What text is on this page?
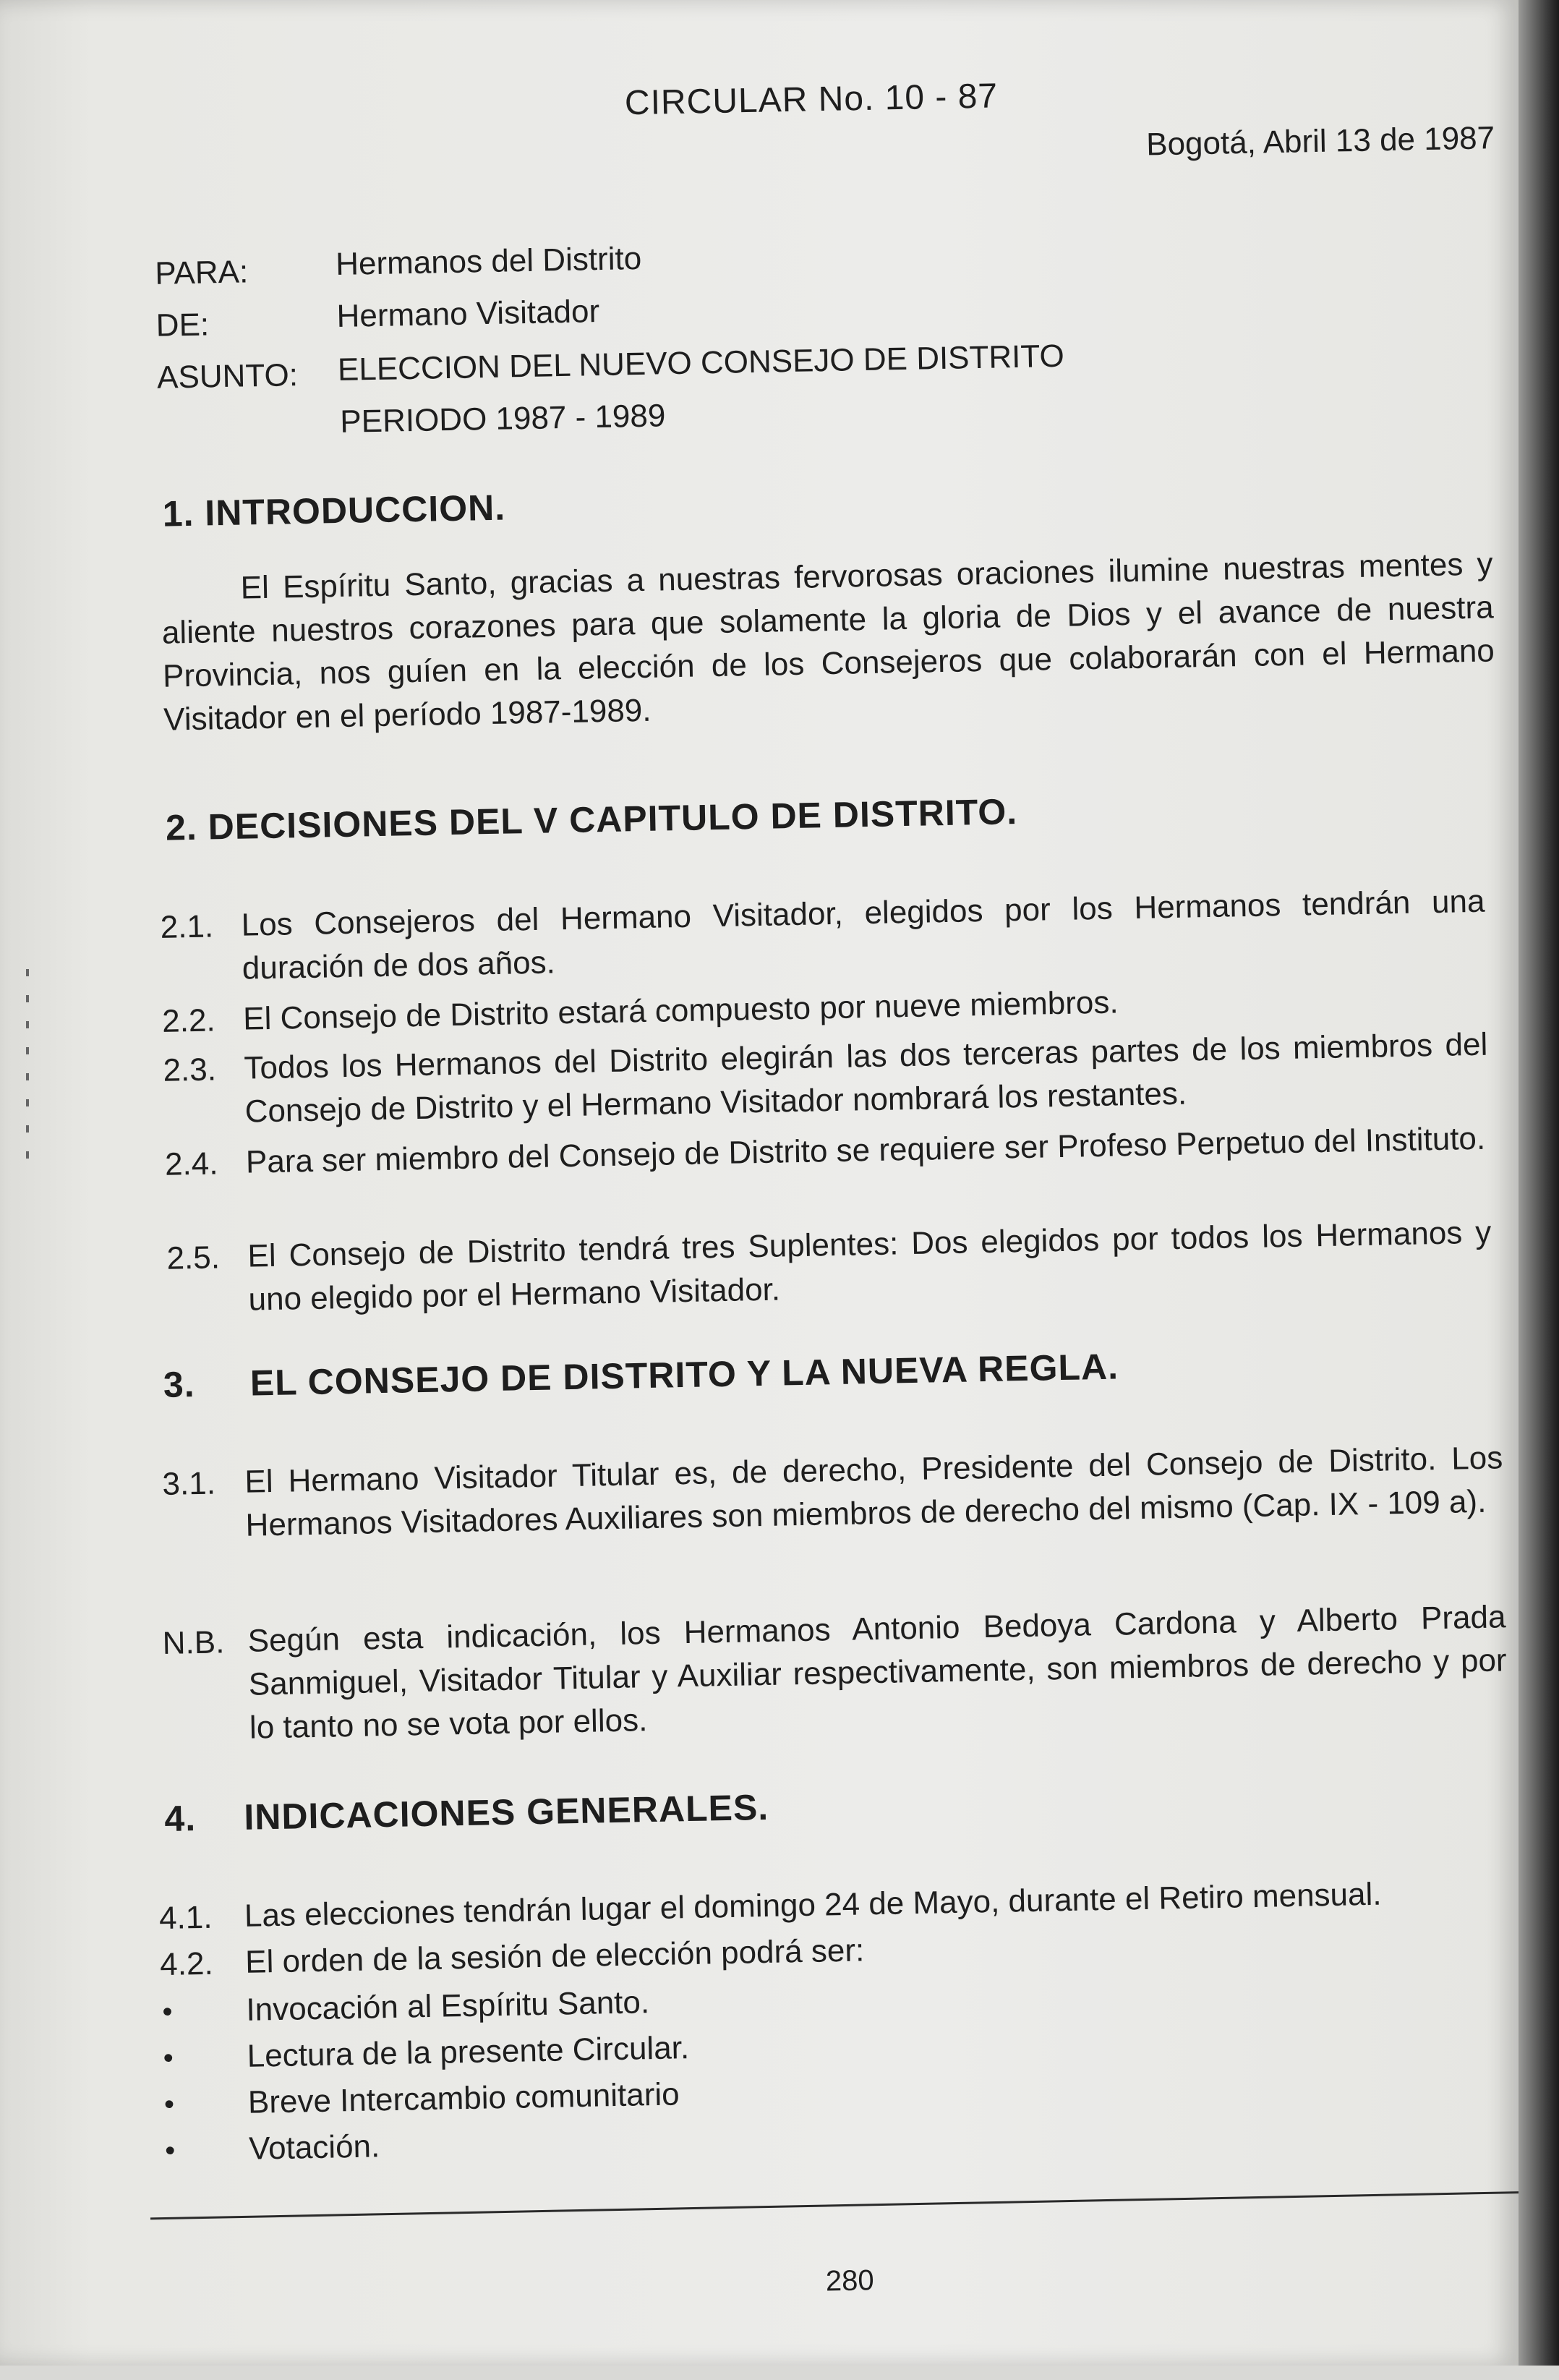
CIRCULAR No. 10 - 87
Bogotá, Abril 13 de 1987
PARA:	Hermanos del Distrito
DE:	Hermano Visitador
ASUNTO: ELECCION DEL NUEVO CONSEJO DE DISTRITO
PERIODO 1987 - 1989
1. INTRODUCCION.
El Espíritu Santo, gracias a nuestras fervorosas oraciones ilumine nuestras mentes y aliente nuestros corazones para que solamente la gloria de Dios y el avance de nuestra Provincia, nos guíen en la elección de los Consejeros que colaborarán con el Hermano Visitador en el período 1987-1989.
2. DECISIONES DEL V CAPITULO DE DISTRITO.
2.1. Los Consejeros del Hermano Visitador, elegidos por los Hermanos tendrán una duración de dos años.
2.2. El Consejo de Distrito estará compuesto por nueve miembros.
2.3. Todos los Hermanos del Distrito elegirán las dos terceras partes de los miembros del Consejo de Distrito y el Hermano Visitador nombrará los restantes.
2.4. Para ser miembro del Consejo de Distrito se requiere ser Profeso Perpetuo del Instituto.
2.5. El Consejo de Distrito tendrá tres Suplentes: Dos elegidos por todos los Hermanos y uno elegido por el Hermano Visitador.
3. EL CONSEJO DE DISTRITO Y LA NUEVA REGLA.
3.1. El Hermano Visitador Titular es, de derecho, Presidente del Consejo de Distrito. Los Hermanos Visitadores Auxiliares son miembros de derecho del mismo (Cap. IX - 109 a).
N.B. Según esta indicación, los Hermanos Antonio Bedoya Cardona y Alberto Prada Sanmiguel, Visitador Titular y Auxiliar respectivamente, son miembros de derecho y por lo tanto no se vota por ellos.
4. INDICACIONES GENERALES.
4.1. Las elecciones tendrán lugar el domingo 24 de Mayo, durante el Retiro mensual.
4.2. El orden de la sesión de elección podrá ser:
• Invocación al Espíritu Santo.
• Lectura de la presente Circular.
• Breve Intercambio comunitario
• Votación.
280
